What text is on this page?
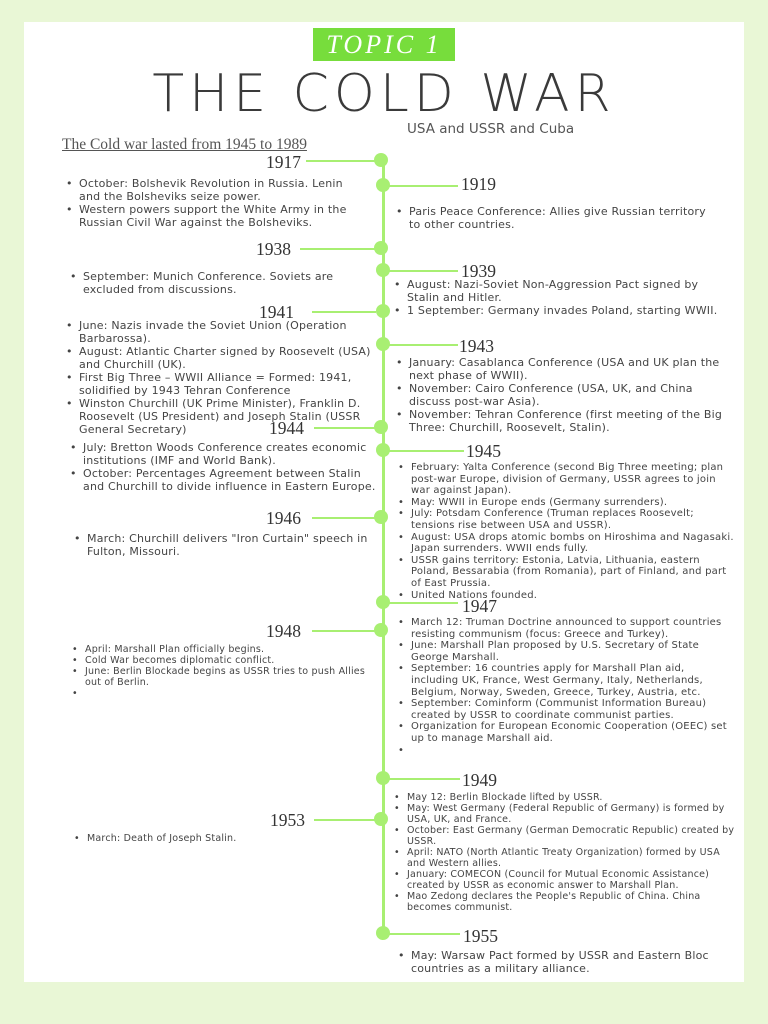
TOPIC 1
THE COLD WAR
USA and USSR and Cuba
The Cold war lasted from 1945 to 1989
1917
1919
1938
1939
1941
1943
1944
1945
1946
1947
1948
1949
1953
1955
• October: Bolshevik Revolution in Russia. Lenin and the Bolsheviks seize power.
• Western powers support the White Army in the Russian Civil War against the Bolsheviks.
• Paris Peace Conference: Allies give Russian territory to other countries.
• September: Munich Conference. Soviets are excluded from discussions.
•	August: Nazi-Soviet Non-Aggression Pact signed by Stalin and Hitler.
• 1 September: Germany invades Poland, starting WWII.
• June: Nazis invade the Soviet Union (Operation Barbarossa).
• August: Atlantic Charter signed by Roosevelt (USA) and Churchill (UK).
• First Big Three – WWII Alliance = Formed: 1941, solidified by 1943 Tehran Conference
• Winston Churchill (UK Prime Minister), Franklin D. Roosevelt (US President) and Joseph Stalin (USSR General Secretary)
• January: Casablanca Conference (USA and UK plan the next phase of WWII).
• November: Cairo Conference (USA, UK, and China discuss post-war Asia).
• November: Tehran Conference (first meeting of the Big Three: Churchill, Roosevelt, Stalin).
• July: Bretton Woods Conference creates economic institutions (IMF and World Bank).
• October: Percentages Agreement between Stalin and Churchill to divide influence in Eastern Europe.
• February: Yalta Conference (second Big Three meeting; plan post-war Europe, division of Germany, USSR agrees to join war against Japan).
• May: WWII in Europe ends (Germany surrenders).
• July: Potsdam Conference (Truman replaces Roosevelt; tensions rise between USA and USSR).
• August: USA drops atomic bombs on Hiroshima and Nagasaki. Japan surrenders. WWII ends fully.
• USSR gains territory: Estonia, Latvia, Lithuania, eastern Poland, Bessarabia (from Romania), part of Finland, and part of East Prussia.
• United Nations founded.
• March: Churchill delivers "Iron Curtain" speech in Fulton, Missouri.
• March 12: Truman Doctrine announced to support countries resisting communism (focus: Greece and Turkey).
• June: Marshall Plan proposed by U.S. Secretary of State George Marshall.
• September: 16 countries apply for Marshall Plan aid, including UK, France, West Germany, Italy, Netherlands, Belgium, Norway, Sweden, Greece, Turkey, Austria, etc.
• September: Cominform (Communist Information Bureau) created by USSR to coordinate communist parties.
• Organization for European Economic Cooperation (OEEC) set up to manage Marshall aid.
•
• April: Marshall Plan officially begins.
• Cold War becomes diplomatic conflict.
• June: Berlin Blockade begins as USSR tries to push Allies out of Berlin.
•
• May 12: Berlin Blockade lifted by USSR.
• May: West Germany (Federal Republic of Germany) is formed by USA, UK, and France.
• October: East Germany (German Democratic Republic) created by USSR.
• April: NATO (North Atlantic Treaty Organization) formed by USA and Western allies.
• January: COMECON (Council for Mutual Economic Assistance) created by USSR as economic answer to Marshall Plan.
• Mao Zedong declares the People's Republic of China. China becomes communist.
• March: Death of Joseph Stalin.
• May: Warsaw Pact formed by USSR and Eastern Bloc countries as a military alliance.
